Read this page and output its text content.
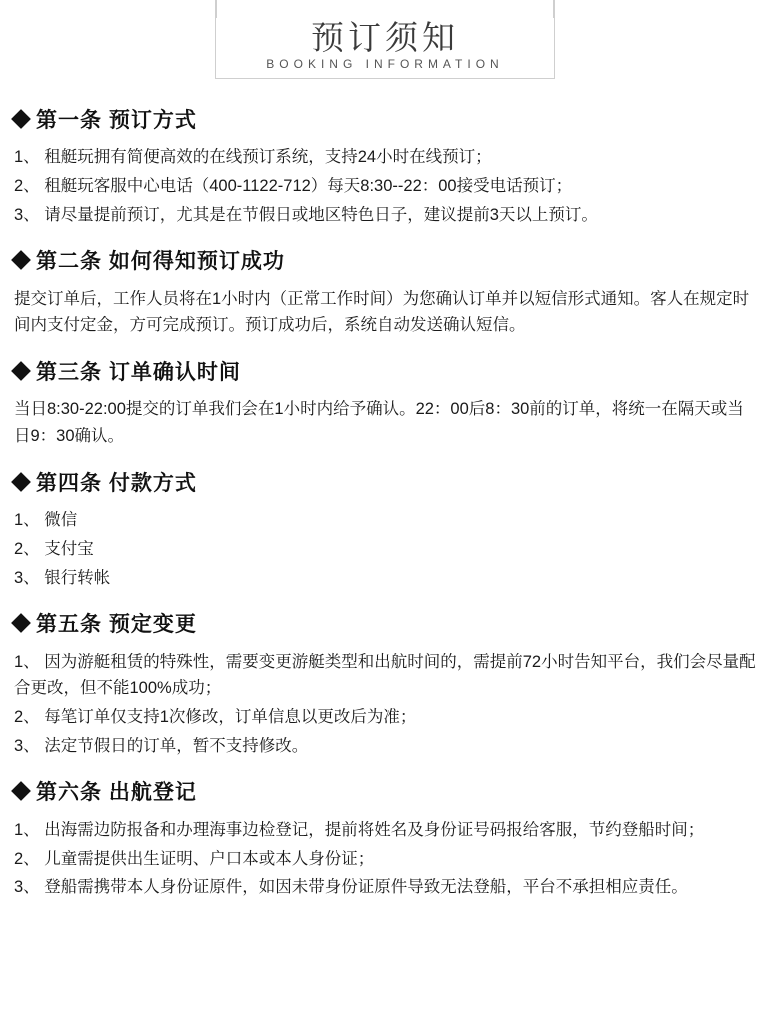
预订须知
BOOKING INFORMATION
第一条 预订方式
1、 租艇玩拥有简便高效的在线预订系统，支持24小时在线预订；
2、 租艇玩客服中心电话（400-1122-712）每天8:30--22：00接受电话预订；
3、 请尽量提前预订，尤其是在节假日或地区特色日子，建议提前3天以上预订。
第二条 如何得知预订成功

提交订单后，工作人员将在1小时内（正常工作时间）为您确认订单并以短信形式通知。客人在规定时间内支付定金，方可完成预订。预订成功后，系统自动发送确认短信。

第三条 订单确认时间

当日8:30-22:00提交的订单我们会在1小时内给予确认。22：00后8：30前的订单，将统一在隔天或当日9：30确认。

第四条 付款方式
1、 微信
2、 支付宝
3、 银行转帐
第五条 预定变更
1、 因为游艇租赁的特殊性，需要变更游艇类型和出航时间的，需提前72小时告知平台，我们会尽量配合更改，但不能100%成功；
2、 每笔订单仅支持1次修改，订单信息以更改后为准；
3、 法定节假日的订单，暂不支持修改。
第六条 出航登记
1、 出海需边防报备和办理海事边检登记，提前将姓名及身份证号码报给客服，节约登船时间；
2、 儿童需提供出生证明、户口本或本人身份证；
3、 登船需携带本人身份证原件，如因未带身份证原件导致无法登船，平台不承担相应责任。
